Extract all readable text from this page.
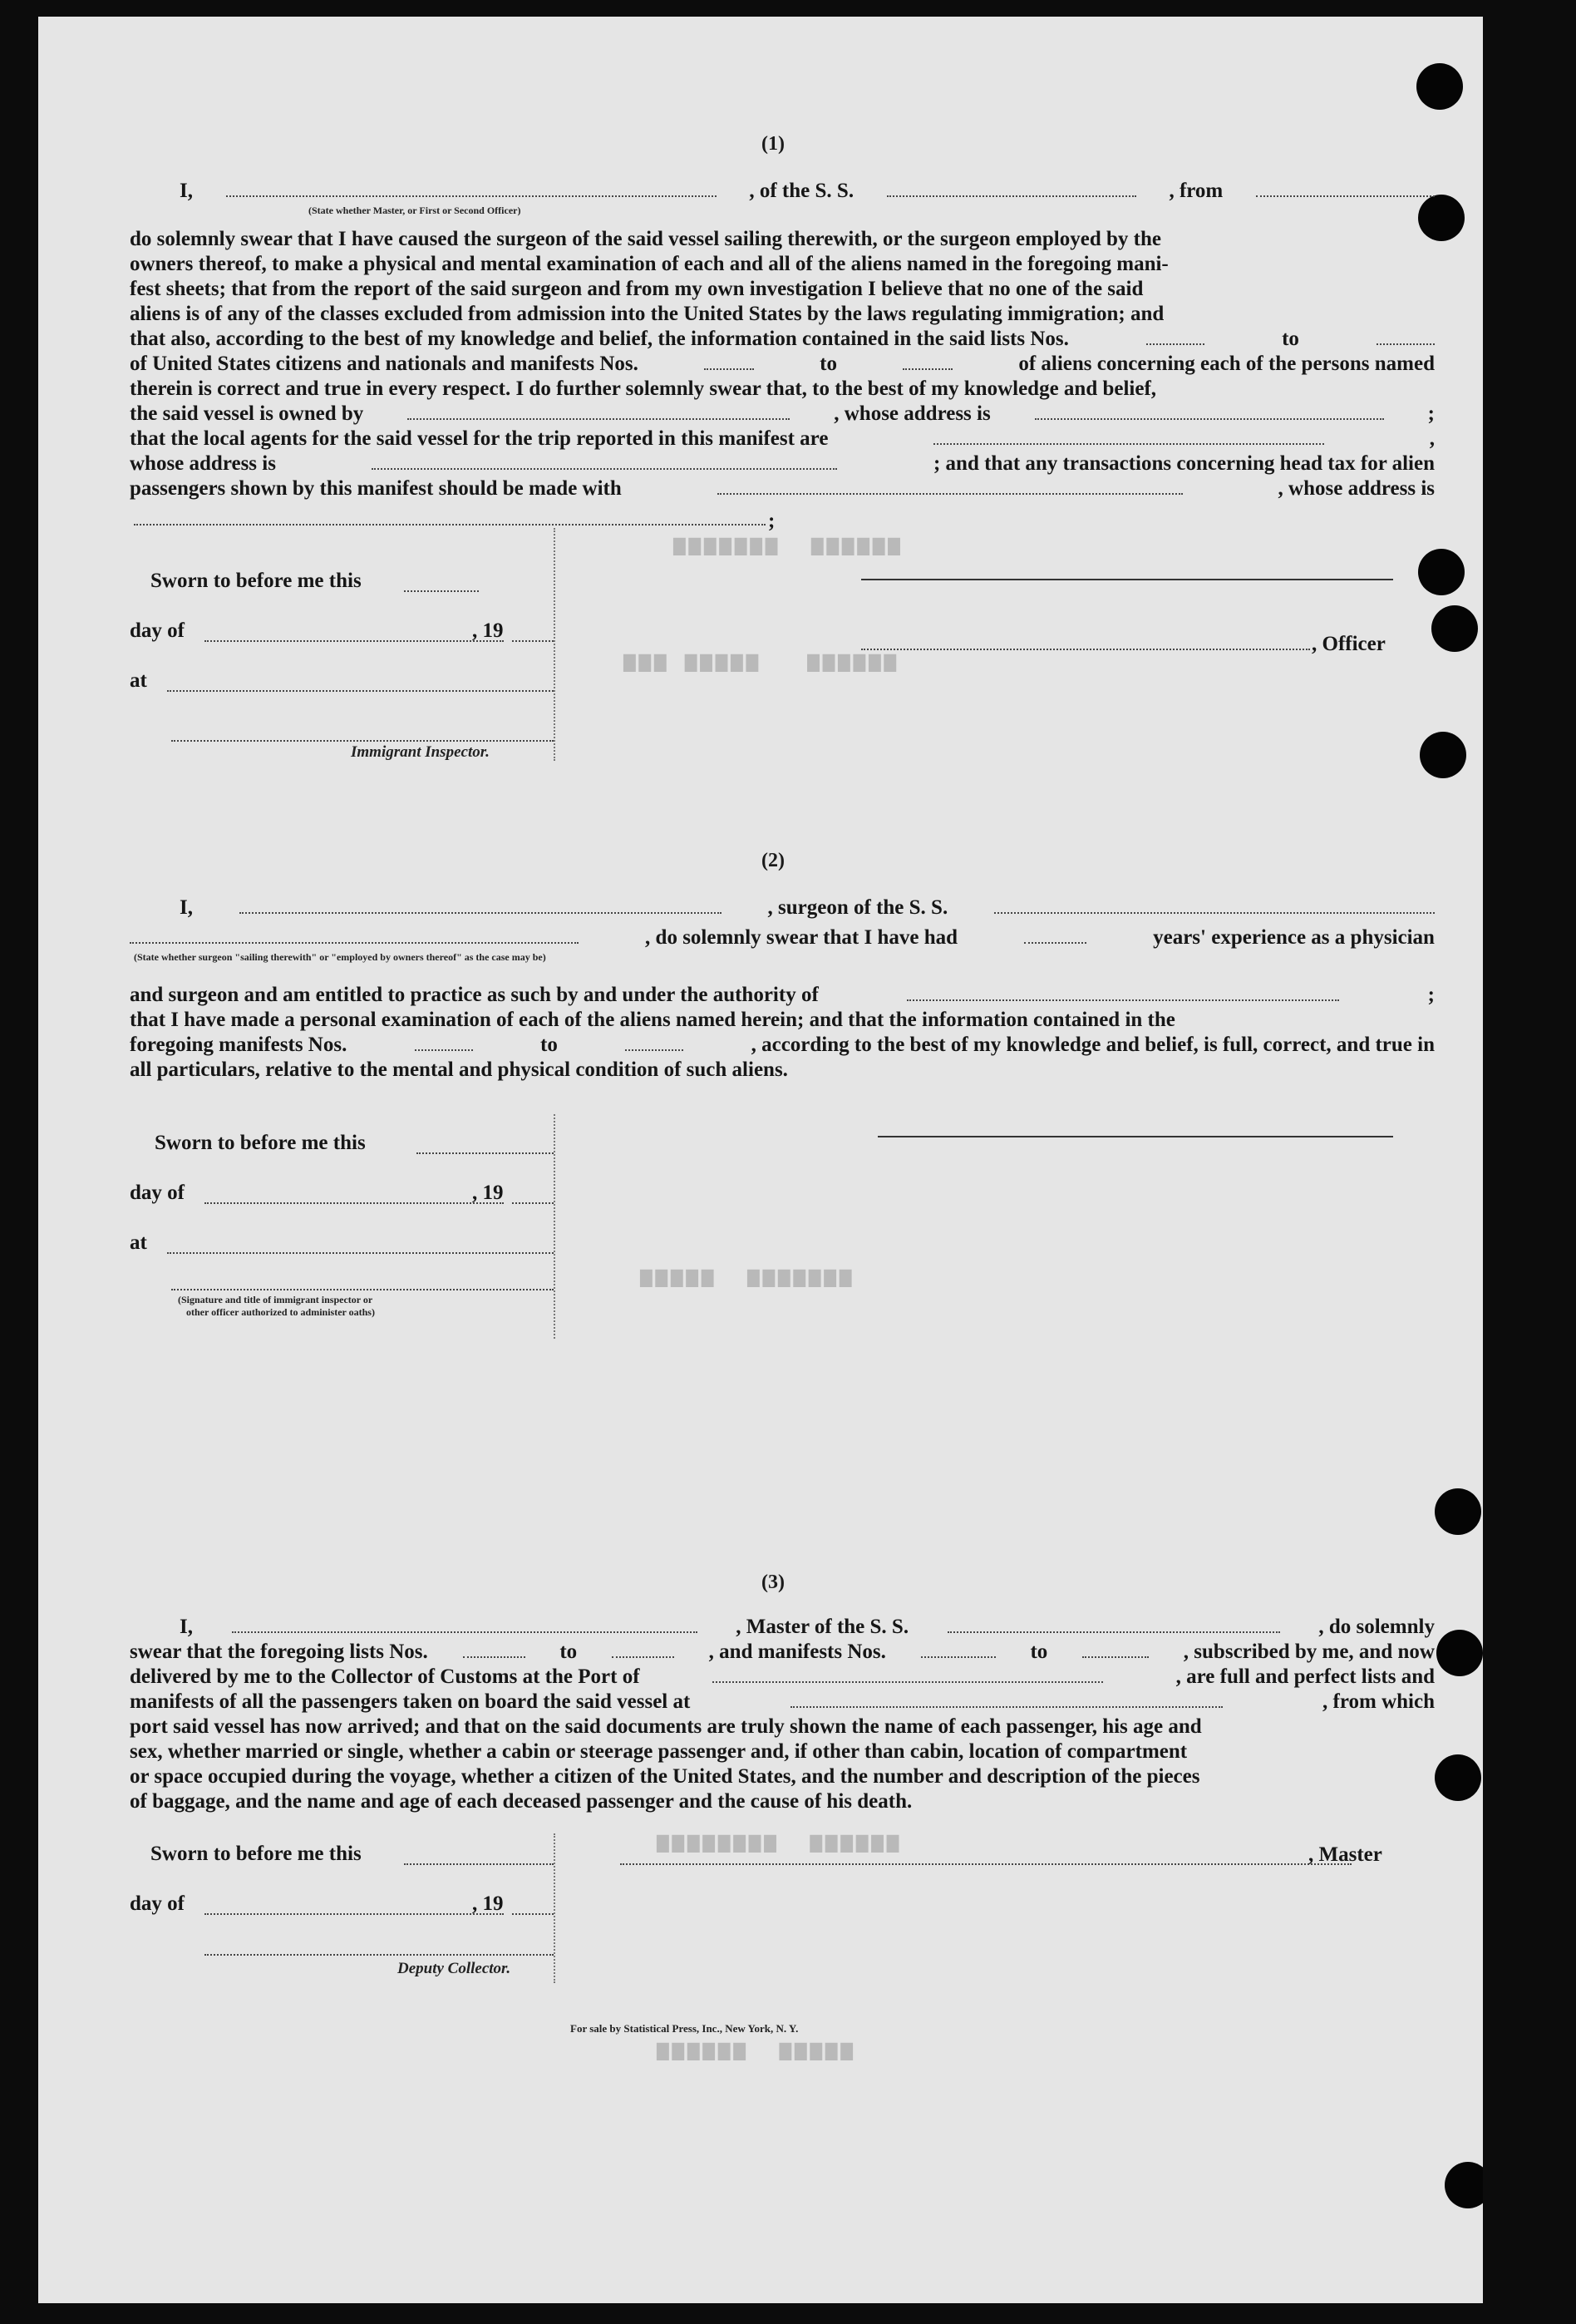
▆▆▆▆▆▆  ▆▆▆▆▆▆▆
▆▆▆▆▆▆   ▆▆▆▆▆ ▆▆▆
▆▆▆▆▆▆▆  ▆▆▆▆▆
▆▆▆▆▆▆  ▆▆▆▆▆▆▆▆
▆▆▆▆▆  ▆▆▆▆▆▆
(1)
I,	, of the S. S.	, from
(State whether Master, or First or Second Officer)
do solemnly swear that I have caused the surgeon of the said vessel sailing therewith, or the surgeon employed by the
owners thereof, to make a physical and mental examination of each and all of the aliens named in the foregoing mani-
fest sheets; that from the report of the said surgeon and from my own investigation I believe that no one of the said
aliens is of any of the classes excluded from admission into the United States by the laws regulating immigration; and
that also, according to the best of my knowledge and belief, the information contained in the said lists Nos.	to
of United States citizens and nationals and manifests Nos.	to	of aliens concerning each of the persons named
therein is correct and true in every respect. I do further solemnly swear that, to the best of my knowledge and belief,
the said vessel is owned by	, whose address is	;
that the local agents for the said vessel for the trip reported in this manifest are	,
whose address is	; and that any transactions concerning head tax for alien
passengers shown by this manifest should be made with	, whose address is
;
Sworn to before me this
day of	, 19
at
Immigrant Inspector.
, Officer
(2)
I,	, surgeon of the S. S.
, do solemnly swear that I have had	years' experience as a physician
(State whether surgeon "sailing therewith" or "employed by owners thereof" as the case may be)
and surgeon and am entitled to practice as such by and under the authority of	;
that I have made a personal examination of each of the aliens named herein; and that the information contained in the
foregoing manifests Nos.	to	, according to the best of my knowledge and belief, is full, correct, and true in
all particulars, relative to the mental and physical condition of such aliens.
Sworn to before me this
day of	, 19
at
(Signature and title of immigrant inspector or
other officer authorized to administer oaths)
(3)
I,	, Master of the S. S.	, do solemnly
swear that the foregoing lists Nos.	to	, and manifests Nos.	to	, subscribed by me, and now
delivered by me to the Collector of Customs at the Port of	, are full and perfect lists and
manifests of all the passengers taken on board the said vessel at	, from which
port said vessel has now arrived; and that on the said documents are truly shown the name of each passenger, his age and
sex, whether married or single, whether a cabin or steerage passenger and, if other than cabin, location of compartment
or space occupied during the voyage, whether a citizen of the United States, and the number and description of the pieces
of baggage, and the name and age of each deceased passenger and the cause of his death.
Sworn to before me this	, Master
day of	, 19
Deputy Collector.
For sale by Statistical Press, Inc., New York, N. Y.
